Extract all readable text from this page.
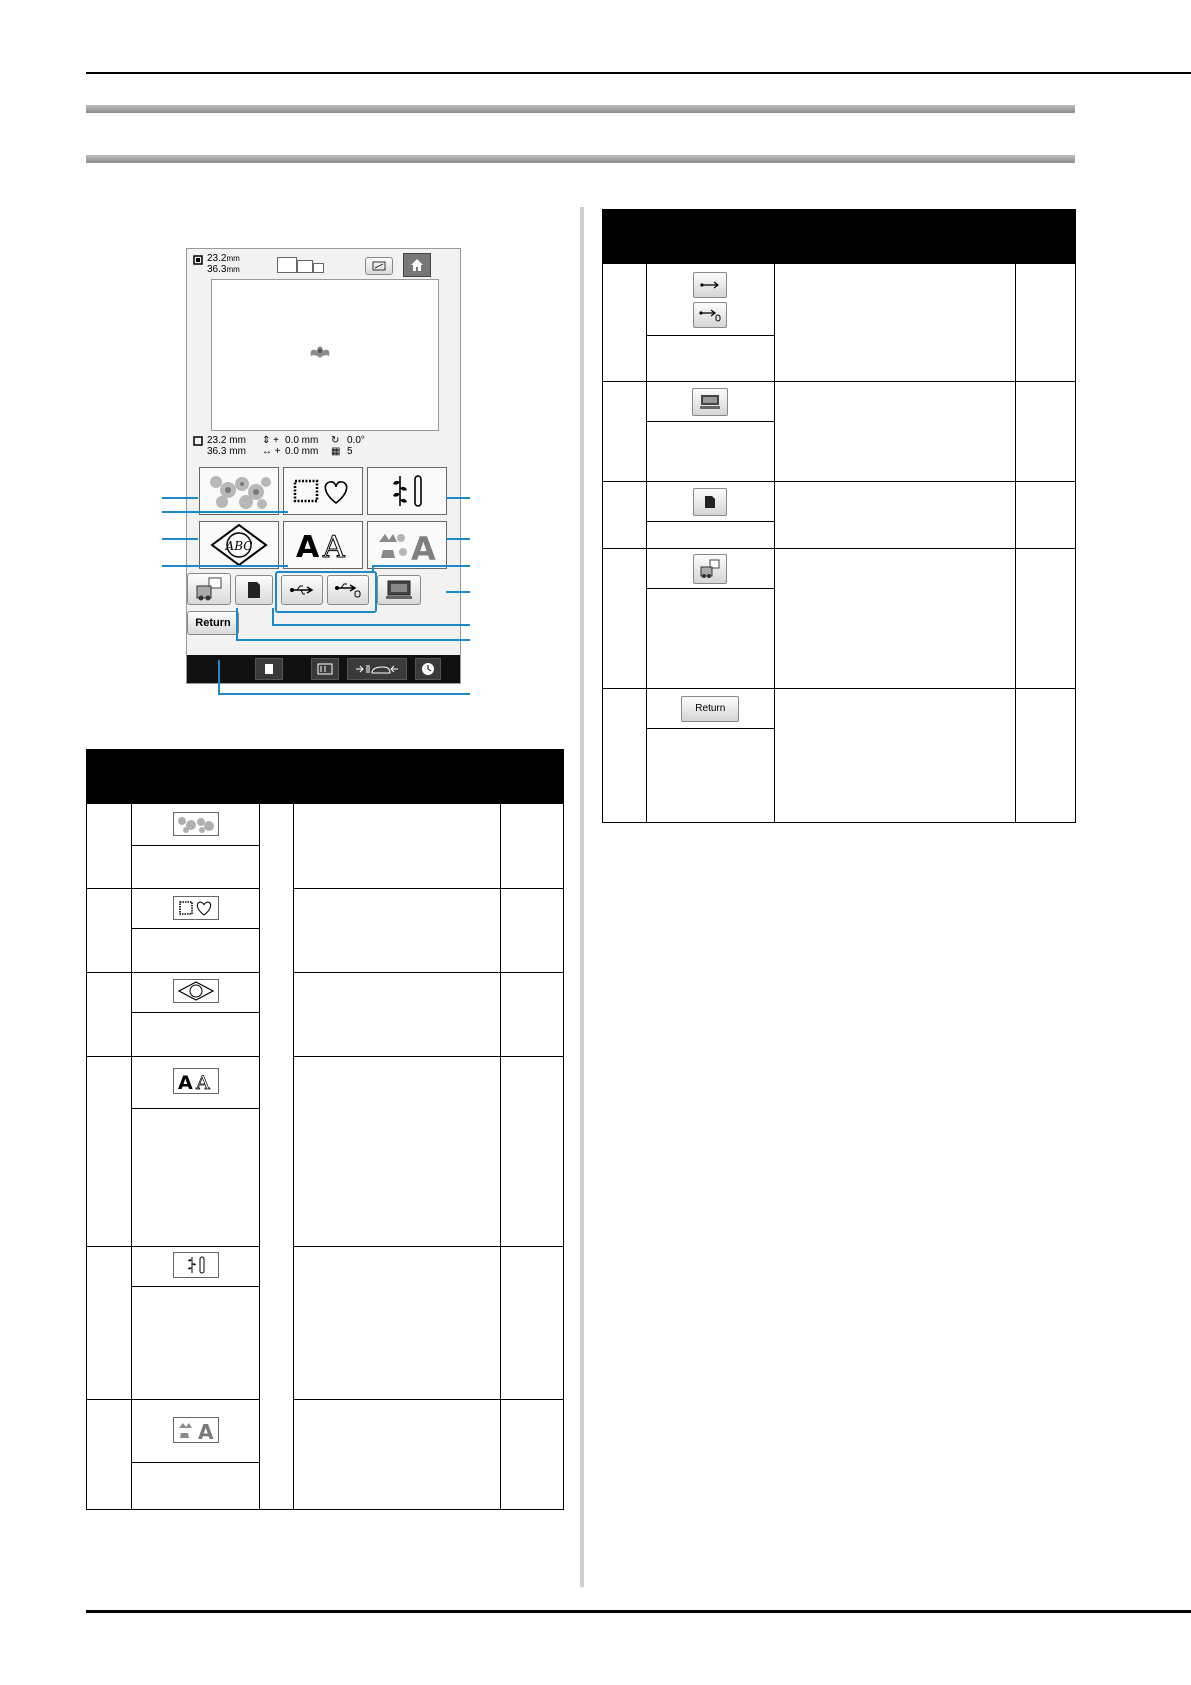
23.2mm
36.3mm
23.2 mm
36.3 mm
⇕ +
↔ +
0.0 mm
0.0 mm
↻
▦
0.0°
5
ABC A A A
Return

A A			

A			

	Return		
